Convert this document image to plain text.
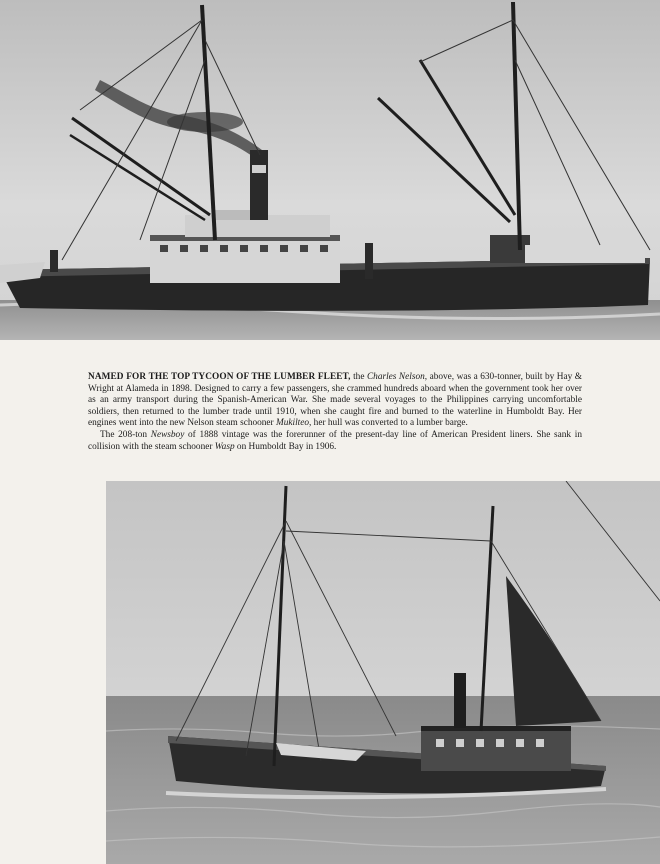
NAMED FOR THE TOP TYCOON OF THE LUMBER FLEET, the Charles Nelson, above, was a 630-tonner, built by Hay & Wright at Alameda in 1898. Designed to carry a few passengers, she crammed hundreds aboard when the government took her over as an army transport during the Spanish-American War. She made several voyages to the Philippines carrying uncomfortable soldiers, then returned to the lumber trade until 1910, when she caught fire and burned to the waterline in Humboldt Bay. Her engines went into the new Nelson steam schooner Mukilteo, her hull was converted to a lumber barge.

The 208-ton Newsboy of 1888 vintage was the forerunner of the present-day line of American President liners. She sank in collision with the steam schooner Wasp on Humboldt Bay in 1906.
